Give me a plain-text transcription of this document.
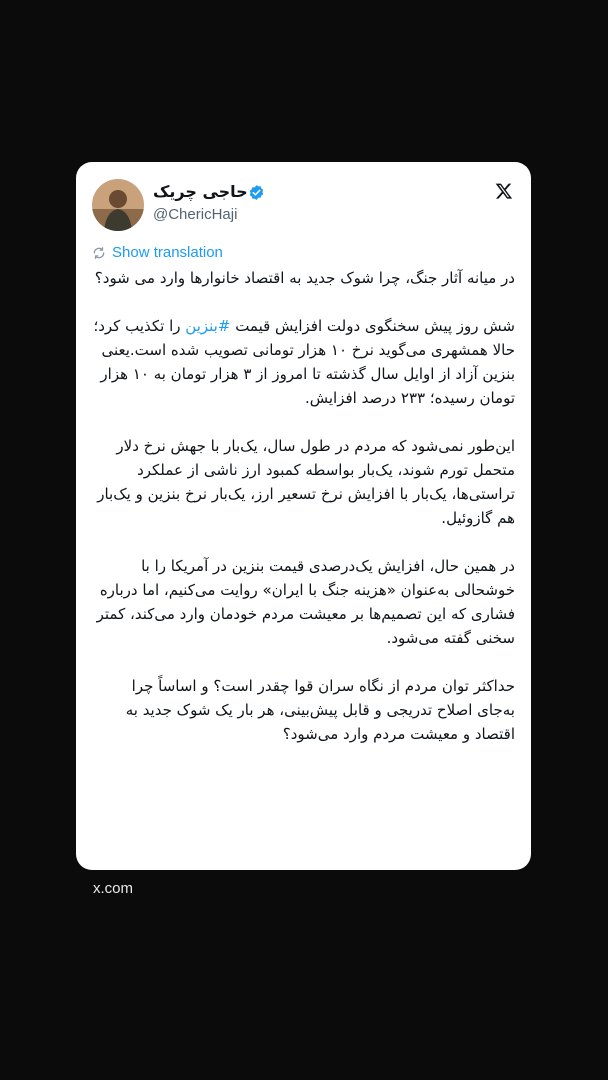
حاجی چریک
@ChericHaji
Show translation

در میانه آثار جنگ، چرا شوک جدید به اقتصاد خانوارها وارد می شود؟

شش روز پیش سخنگوی دولت افزایش قیمت #بنزین را تکذیب کرد؛ حالا همشهری می‌گوید نرخ ۱۰ هزار تومانی تصویب شده است.یعنی بنزین آزاد از اوایل سال گذشته تا امروز از ۳ هزار تومان به ۱۰ هزار تومان رسیده؛ ۲۳۳ درصد افزایش.

این‌طور نمی‌شود که مردم در طول سال، یک‌بار با جهش نرخ دلار متحمل تورم شوند، یک‌بار بواسطه کمبود ارز ناشی از عملکرد تراستی‌ها، یک‌بار با افزایش نرخ تسعیر ارز، یک‌بار نرخ بنزین و یک‌بار هم گازوئیل.

در همین حال، افزایش یک‌درصدی قیمت بنزین در آمریکا را با خوشحالی به‌عنوان «هزینه جنگ با ایران» روایت می‌کنیم، اما درباره فشاری که این تصمیم‌ها بر معیشت مردم خودمان وارد می‌کند، کمتر سخنی گفته می‌شود.

حداکثر توان مردم از نگاه سران قوا چقدر است؟ و اساساً چرا به‌جای اصلاح تدریجی و قابل پیش‌بینی، هر بار یک شوک جدید به اقتصاد و معیشت مردم وارد می‌شود؟

x.com
